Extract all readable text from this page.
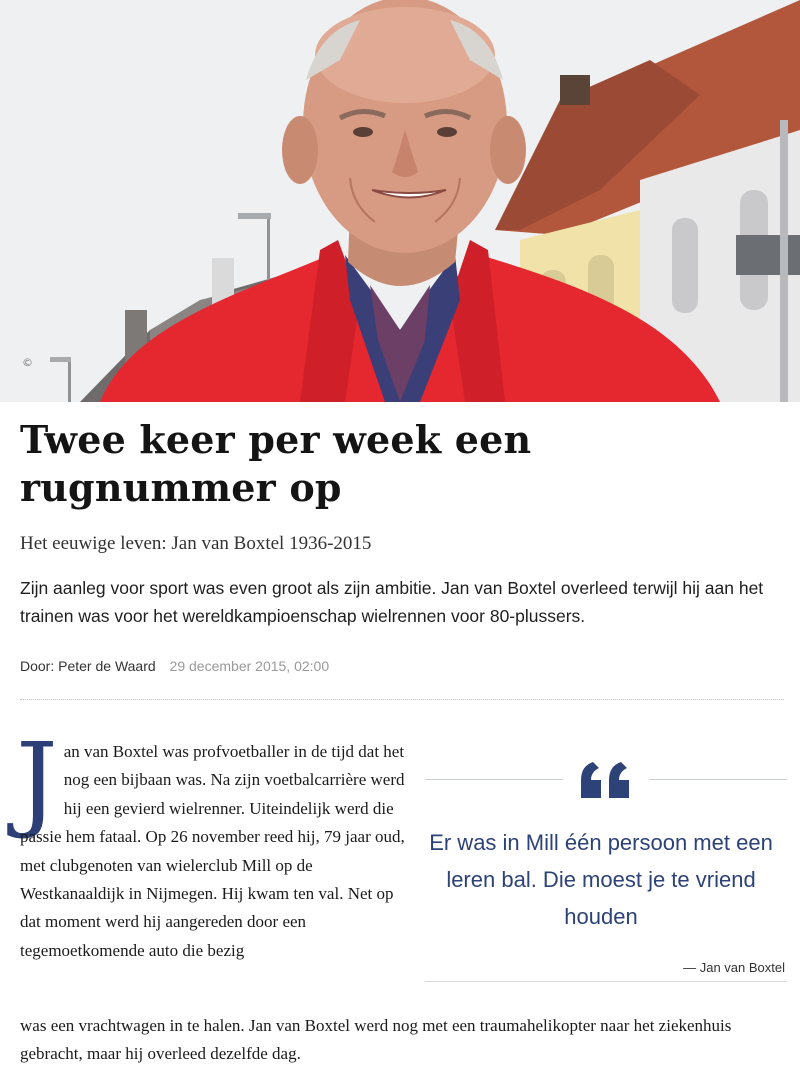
©
Twee keer per week een rugnummer op
Het eeuwige leven: Jan van Boxtel 1936-2015
Zijn aanleg voor sport was even groot als zijn ambitie. Jan van Boxtel overleed terwijl hij aan het trainen was voor het wereldkampioenschap wielrennen voor 80-plussers.
Door: Peter de Waard 29 december 2015, 02:00
J an van Boxtel was profvoetballer in de tijd dat het nog een bijbaan was. Na zijn voetbalcarrière werd hij een gevierd wielrenner. Uiteindelijk werd die passie hem fataal. Op 26 november reed hij, 79 jaar oud, met clubgenoten van wielerclub Mill op de Westkanaaldijk in Nijmegen. Hij kwam ten val. Net op dat moment werd hij aangereden door een tegemoetkomende auto die bezig

Er was in Mill één persoon met een leren bal. Die moest je te vriend houden
— Jan van Boxtel

was een vrachtwagen in te halen. Jan van Boxtel werd nog met een traumahelikopter naar het ziekenhuis gebracht, maar hij overleed dezelfde dag.
